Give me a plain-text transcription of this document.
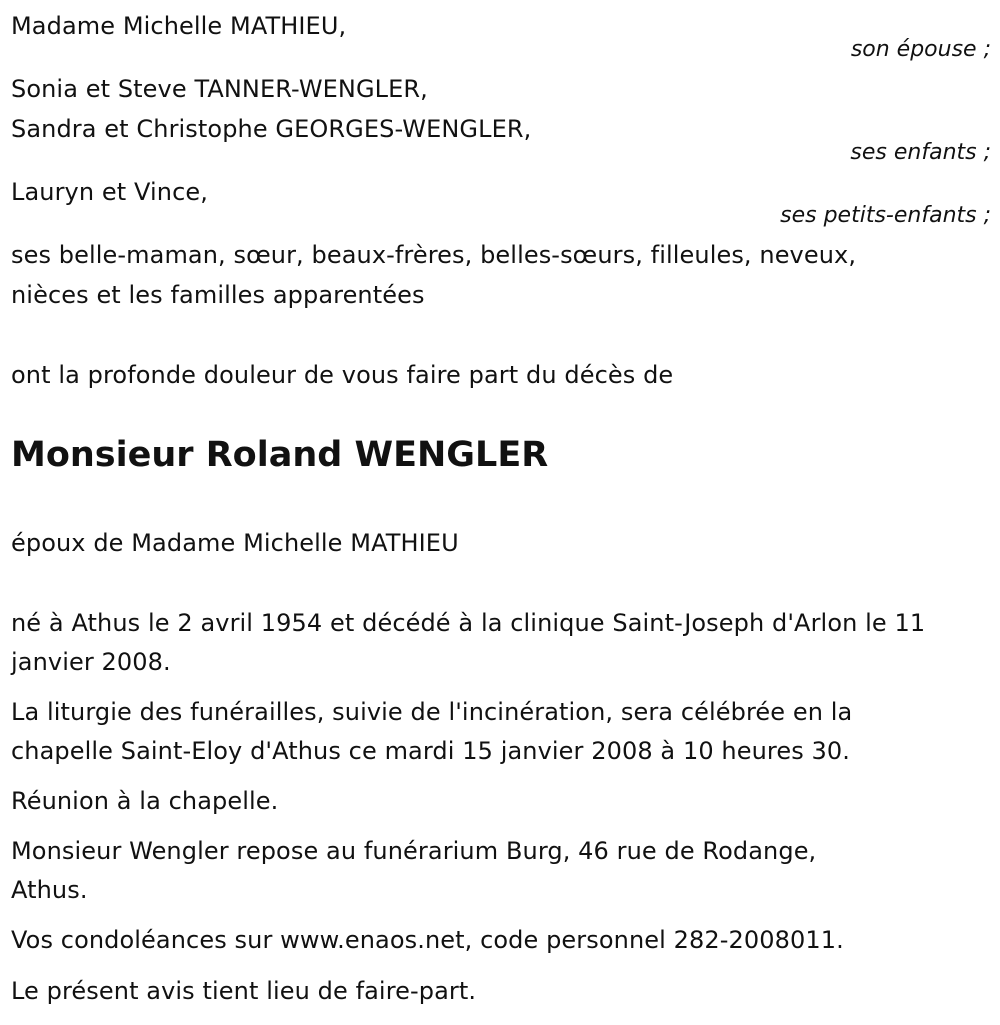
Madame Michelle MATHIEU,
son épouse ;
Sonia et Steve TANNER-WENGLER,
Sandra et Christophe GEORGES-WENGLER,
ses enfants ;
Lauryn et Vince,
ses petits-enfants ;
ses belle-maman, sœur, beaux-frères, belles-sœurs, filleules, neveux,
nièces et les familles apparentées
ont la profonde douleur de vous faire part du décès de
Monsieur Roland WENGLER
époux de Madame Michelle MATHIEU
né à Athus le 2 avril 1954 et décédé à la clinique Saint-Joseph d'Arlon le 11
janvier 2008.
La liturgie des funérailles, suivie de l'incinération, sera célébrée en la
chapelle Saint-Eloy d'Athus ce mardi 15 janvier 2008 à 10 heures 30.
Réunion à la chapelle.
Monsieur Wengler repose au funérarium Burg, 46 rue de Rodange,
Athus.
Vos condoléances sur www.enaos.net, code personnel 282-2008011.
Le présent avis tient lieu de faire-part.
